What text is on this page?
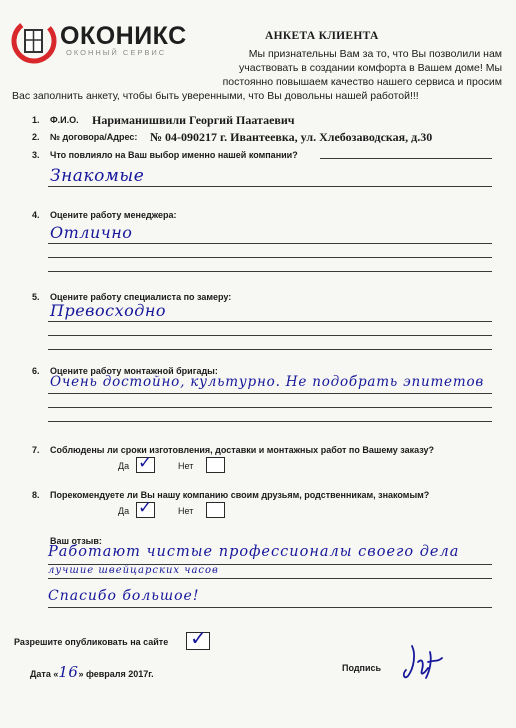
ОКОНИКС
ОКОННЫЙ СЕРВИС
АНКЕТА КЛИЕНТА
Мы признательны Вам за то, что Вы позволили нам
участвовать в создании комфорта в Вашем доме! Мы
постоянно повышаем качество нашего сервиса и просим
Вас заполнить анкету, чтобы быть уверенными, что Вы довольны нашей работой!!!
1. Ф.И.О. Нариманишвили Георгий Паатаевич
2. № договора/Адрес: № 04-090217 г. Ивантеевка, ул. Хлебозаводская, д.30
3. Что повлияло на Ваш выбор именно нашей компании?
Знакомые
4. Оцените работу менеджера:
Отлично
5. Оцените работу специалиста по замеру:
Превосходно
6. Оцените работу монтажной бригады:
Очень достойно, культурно. Не подобрать эпитетов
7. Соблюдены ли сроки изготовления, доставки и монтажных работ по Вашему заказу?
Да ✓	Нет
8. Порекомендуете ли Вы нашу компанию своим друзьям, родственникам, знакомым?
Да ✓	Нет
Ваш отзыв:
Работают чистые профессионалы своего дела
лучшие швейцарских часов
Спасибо большое!
Разрешите опубликовать на сайте ✓
Дата «16» февраля 2017г.
Подпись
